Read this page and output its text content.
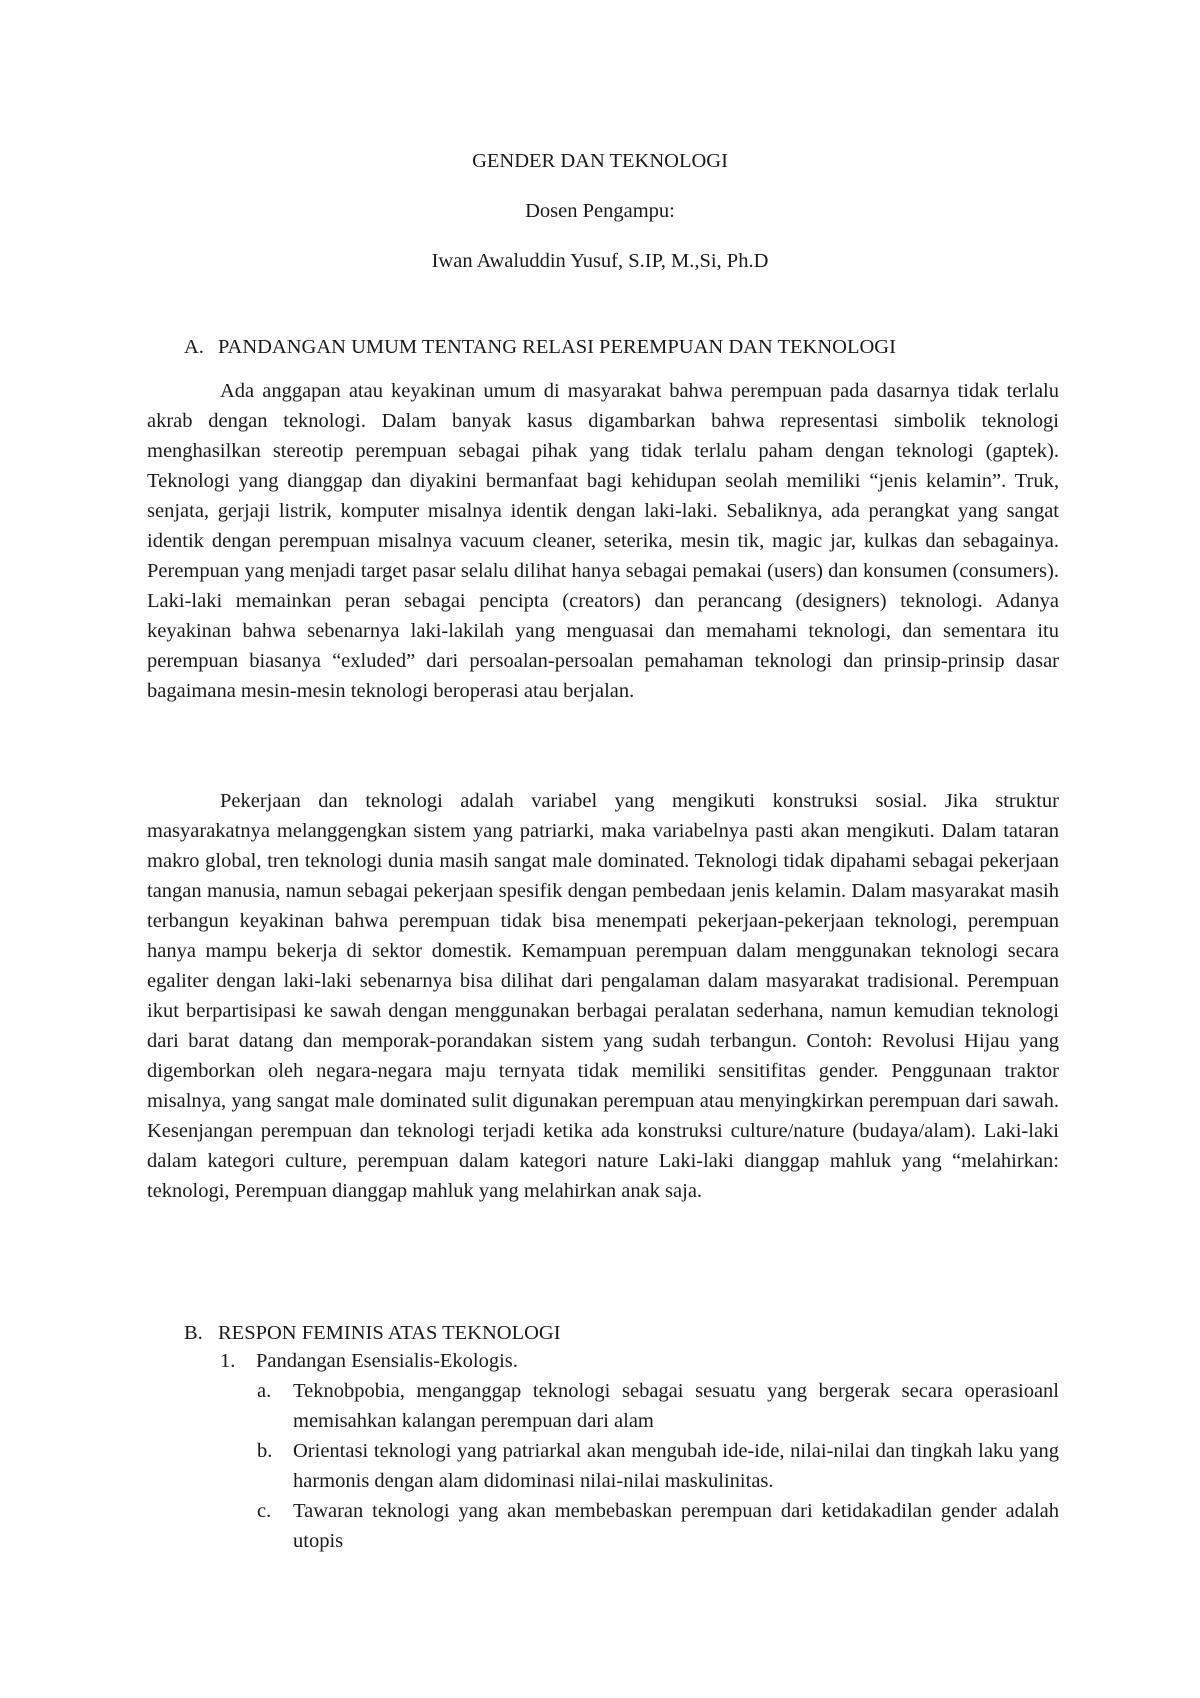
GENDER DAN TEKNOLOGI
Dosen Pengampu:
Iwan Awaluddin Yusuf, S.IP, M.,Si, Ph.D
A. PANDANGAN UMUM TENTANG RELASI PEREMPUAN DAN TEKNOLOGI

Ada anggapan atau keyakinan umum di masyarakat bahwa perempuan pada dasarnya tidak terlalu akrab dengan teknologi. Dalam banyak kasus digambarkan bahwa representasi simbolik teknologi menghasilkan stereotip perempuan sebagai pihak yang tidak terlalu paham dengan teknologi (gaptek). Teknologi yang dianggap dan diyakini bermanfaat bagi kehidupan seolah memiliki “jenis kelamin”. Truk, senjata, gerjaji listrik, komputer misalnya identik dengan laki-laki. Sebaliknya, ada perangkat yang sangat identik dengan perempuan misalnya vacuum cleaner, seterika, mesin tik, magic jar, kulkas dan sebagainya. Perempuan yang menjadi target pasar selalu dilihat hanya sebagai pemakai (users) dan konsumen (consumers). Laki-laki memainkan peran sebagai pencipta (creators) dan perancang (designers) teknologi. Adanya keyakinan bahwa sebenarnya laki-lakilah yang menguasai dan memahami teknologi, dan sementara itu perempuan biasanya “exluded” dari persoalan-persoalan pemahaman teknologi dan prinsip-prinsip dasar bagaimana mesin-mesin teknologi beroperasi atau berjalan.

Pekerjaan dan teknologi adalah variabel yang mengikuti konstruksi sosial. Jika struktur masyarakatnya melanggengkan sistem yang patriarki, maka variabelnya pasti akan mengikuti. Dalam tataran makro global, tren teknologi dunia masih sangat male dominated. Teknologi tidak dipahami sebagai pekerjaan tangan manusia, namun sebagai pekerjaan spesifik dengan pembedaan jenis kelamin. Dalam masyarakat masih terbangun keyakinan bahwa perempuan tidak bisa menempati pekerjaan-pekerjaan teknologi, perempuan hanya mampu bekerja di sektor domestik. Kemampuan perempuan dalam menggunakan teknologi secara egaliter dengan laki-laki sebenarnya bisa dilihat dari pengalaman dalam masyarakat tradisional. Perempuan ikut berpartisipasi ke sawah dengan menggunakan berbagai peralatan sederhana, namun kemudian teknologi dari barat datang dan memporak-porandakan sistem yang sudah terbangun. Contoh: Revolusi Hijau yang digemborkan oleh negara-negara maju ternyata tidak memiliki sensitifitas gender. Penggunaan traktor misalnya, yang sangat male dominated sulit digunakan perempuan atau menyingkirkan perempuan dari sawah. Kesenjangan perempuan dan teknologi terjadi ketika ada konstruksi culture/nature (budaya/alam). Laki-laki dalam kategori culture, perempuan dalam kategori nature Laki-laki dianggap mahluk yang “melahirkan: teknologi, Perempuan dianggap mahluk yang melahirkan anak saja.

B. RESPON FEMINIS ATAS TEKNOLOGI
1. Pandangan Esensialis-Ekologis.
a. Teknobpobia, menganggap teknologi sebagai sesuatu yang bergerak secara operasioanl memisahkan kalangan perempuan dari alam
b. Orientasi teknologi yang patriarkal akan mengubah ide-ide, nilai-nilai dan tingkah laku yang harmonis dengan alam didominasi nilai-nilai maskulinitas.
c. Tawaran teknologi yang akan membebaskan perempuan dari ketidakadilan gender adalah utopis
